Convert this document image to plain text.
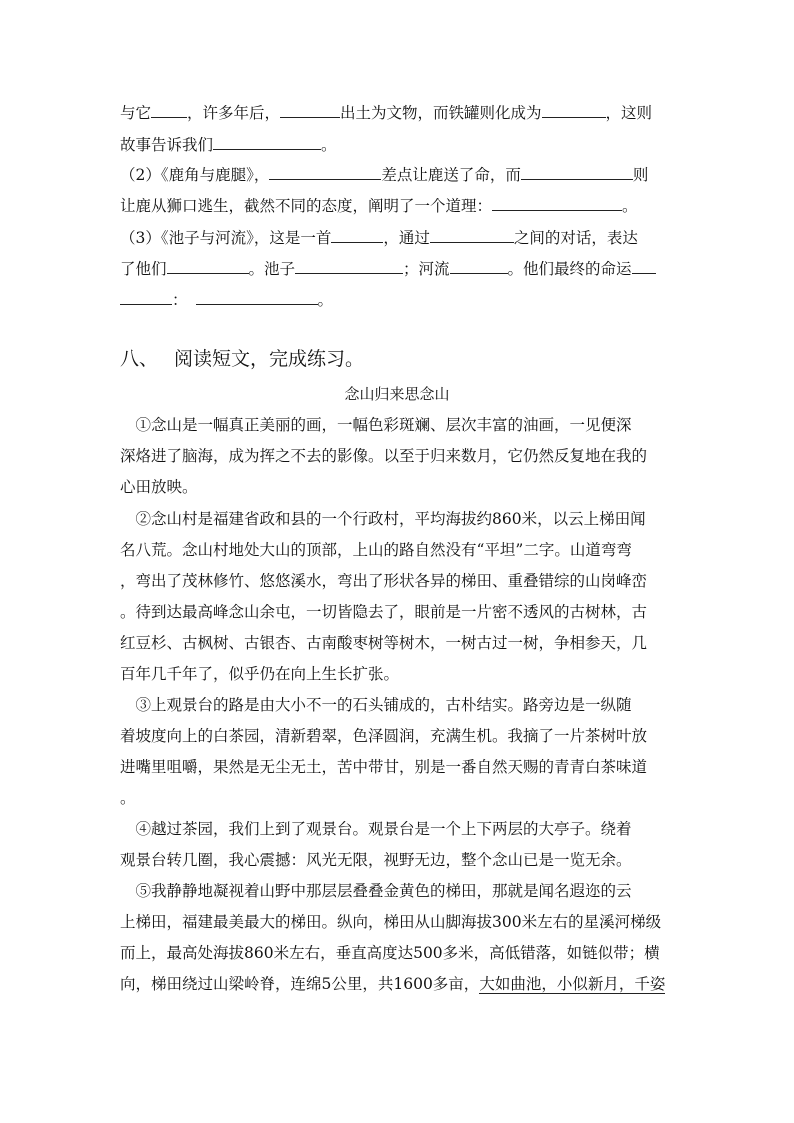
与它 ，许多年后，	出土为文物，而铁罐则化成为	，这则
故事告诉我们	。
（2）《鹿角与鹿腿》，	差点让鹿送了命，而	则
让鹿从狮口逃生，截然不同的态度，阐明了一个道理：	。
（3）《池子与河流》，这是一首	，通过	之间的对话，表达
了他们	。池子	；河流	。他们最终的命运
：	。
八、 阅读短文，完成练习。
念山归来思念山
　①念山是一幅真正美丽的画，一幅色彩斑斓、层次丰富的油画，一见便深
深烙进了脑海，成为挥之不去的影像。以至于归来数月，它仍然反复地在我的
心田放映。
　②念山村是福建省政和县的一个行政村，平均海拔约860米，以云上梯田闻
名八荒。念山村地处大山的顶部，上山的路自然没有“平坦”二字。山道弯弯
，弯出了茂林修竹、悠悠溪水，弯出了形状各异的梯田、重叠错综的山岗峰峦
。待到达最高峰念山余屯，一切皆隐去了，眼前是一片密不透风的古树林，古
红豆杉、古枫树、古银杏、古南酸枣树等树木，一树古过一树，争相参天，几
百年几千年了，似乎仍在向上生长扩张。
　③上观景台的路是由大小不一的石头铺成的，古朴结实。路旁边是一纵随
着坡度向上的白茶园，清新碧翠，色泽圆润，充满生机。我摘了一片茶树叶放
进嘴里咀嚼，果然是无尘无土，苦中带甘，别是一番自然天赐的青青白茶味道
。
　④越过茶园，我们上到了观景台。观景台是一个上下两层的大亭子。绕着
观景台转几圈，我心震撼：风光无限，视野无边，整个念山已是一览无余。
　⑤我静静地凝视着山野中那层层叠叠金黄色的梯田，那就是闻名遐迩的云
上梯田，福建最美最大的梯田。纵向，梯田从山脚海拔300米左右的星溪河梯级
而上，最高处海拔860米左右，垂直高度达500多米，高低错落，如链似带；横
向，梯田绕过山梁岭脊，连绵5公里，共1600多亩，大如曲池，小似新月，千姿
